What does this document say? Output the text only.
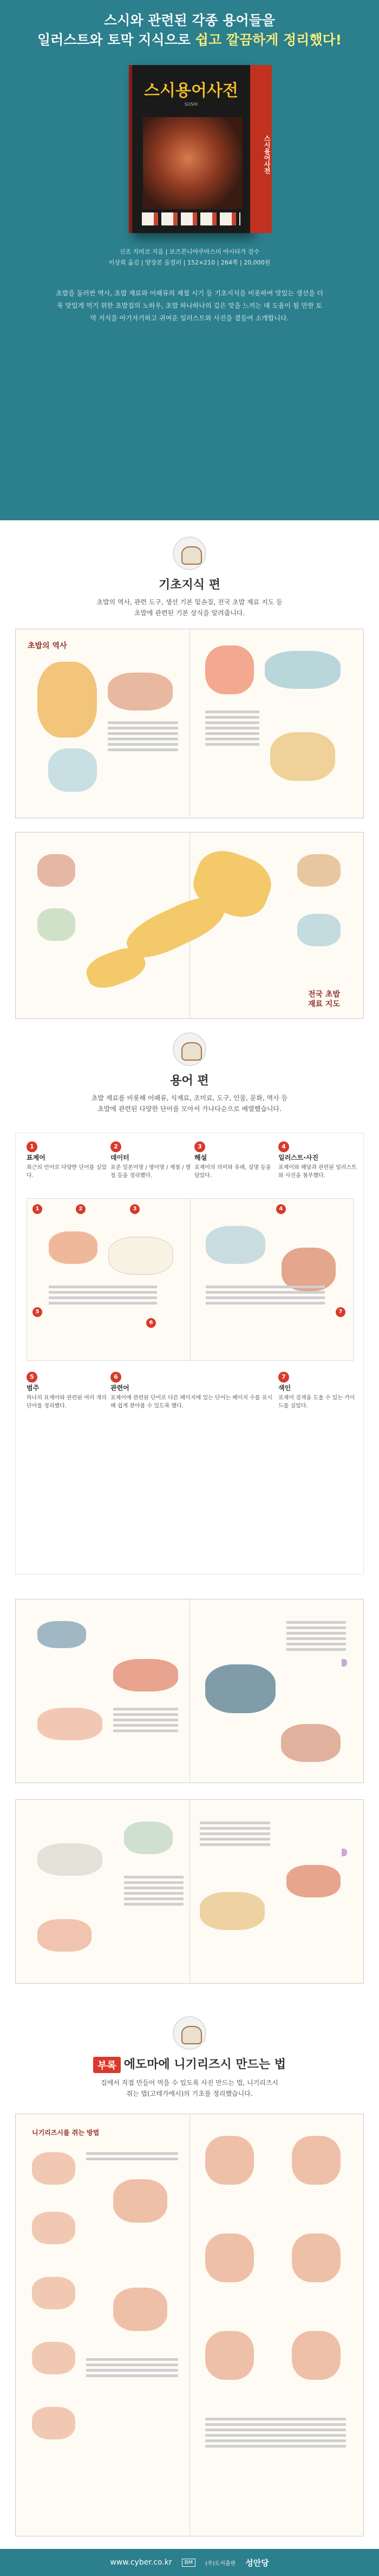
스시와 관련된 각종 용어들을
일러스트와 토막 지식으로 쉽고 깔끔하게 정리했다!
스시용어사전
SUSHI
스시용어사전
신조 지미코 지음 | 보즈콘니야쿠마스미 야시타가 감수
이상희 옮김 | 양장본 올컬러 | 152×210 | 264쪽 | 20,000원
초밥을 둘러싼 역사, 초밥 재료와 어패류의 제철 시기 등 기초지식을 비롯하여 맛있는 생선을 더욱 맛있게 먹기 위한 초밥집의 노하우, 초밥 하나하나의 깊은 맛을 느끼는 데 도움이 될 만한 토막 지식을 아기자기하고 귀여운 일러스트와 사진을 곁들여 소개합니다.
기초지식 편

초밥의 역사, 관련 도구, 생선 기본 밑손질, 전국 초밥 재료 지도 등
초밥에 관련된 기본 상식을 알려줍니다.

초밥의 역사
전국 초밥
재료 지도
용어 편

초밥 재료를 비롯해 어패류, 식재료, 조미료, 도구, 인물, 문화, 역사 등
초밥에 관련된 다양한 단어를 모아서 가나다순으로 배열했습니다.

1
표제어
최근의 언어로 다양한 단어를 실었다.
2
데이터
표준 일본어명 / 영어명 / 제철 / 별칭 등을 정리했다.
3
해설
표제어의 의미와 유래, 설명 등을 담았다.
4
일러스트·사진
표제어와 해당과 관련된 일러스트와 사진을 첨부했다.
1	2	3	4
5
6
7
5
범주
하나의 표제어와 관련된 여러 개의 단어를 정리했다.
6
관련어
표제어에 관련된 단어로 다른 페이지에 있는 단어는 페이지 수를 표시해 쉽게 찾아볼 수 있도록 했다.
7
색인
표제어 검색을 도울 수 있는 가이드를 실었다.
부록 에도마에 니기리즈시 만드는 법

집에서 직접 만들어 먹을 수 있도록 사진 만드는 법, 니기리즈시
쥐는 법(고테가에시)의 기초를 정리했습니다.

니기리즈시를 쥐는 방법
www.cyber.co.kr	BM	(주)도서출판 성안당
